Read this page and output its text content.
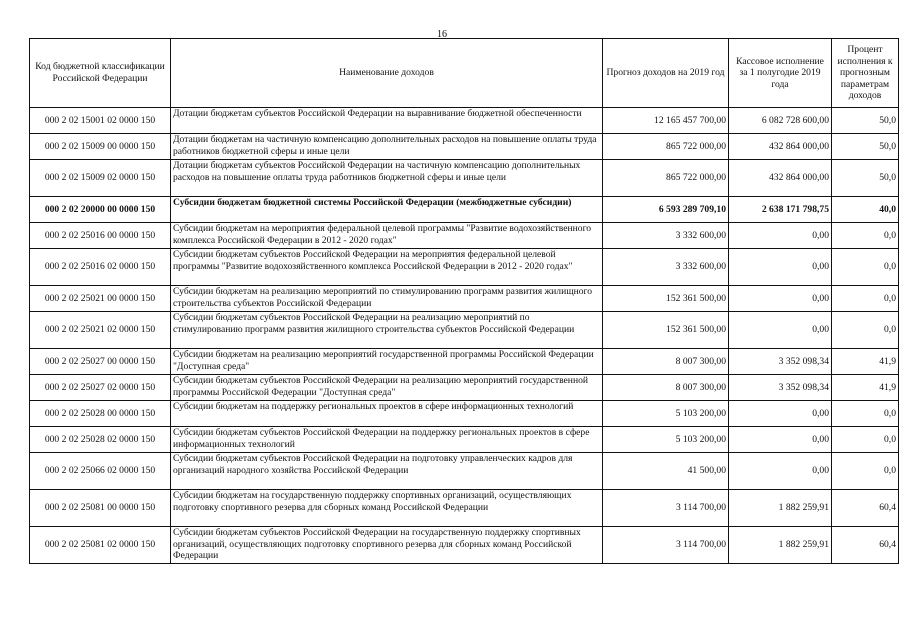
16
Код бюджетной классификации Российской Федерации	Наименование доходов	Прогноз доходов на 2019 год	Кассовое исполнение за 1 полугодие 2019 года	Процент исполнения к прогнозным параметрам доходов
000 2 02 15001 02 0000 150	Дотации бюджетам субъектов Российской Федерации на выравнивание бюджетной обеспеченности	12 165 457 700,00	6 082 728 600,00	50,0
000 2 02 15009 00 0000 150	Дотации бюджетам на частичную компенсацию дополнительных расходов на повышение оплаты труда работников бюджетной сферы и иные цели	865 722 000,00	432 864 000,00	50,0
000 2 02 15009 02 0000 150	Дотации бюджетам субъектов Российской Федерации на частичную компенсацию дополнительных расходов на повышение оплаты труда работников бюджетной сферы и иные цели	865 722 000,00	432 864 000,00	50,0
000 2 02 20000 00 0000 150	Субсидии бюджетам бюджетной системы Российской Федерации (межбюджетные субсидии)	6 593 289 709,10	2 638 171 798,75	40,0
000 2 02 25016 00 0000 150	Субсидии бюджетам на мероприятия федеральной целевой программы "Развитие водохозяйственного комплекса Российской Федерации в 2012 - 2020 годах"	3 332 600,00	0,00	0,0
000 2 02 25016 02 0000 150	Субсидии бюджетам субъектов Российской Федерации на мероприятия федеральной целевой программы "Развитие водохозяйственного комплекса Российской Федерации в 2012 - 2020 годах"	3 332 600,00	0,00	0,0
000 2 02 25021 00 0000 150	Субсидии бюджетам на реализацию мероприятий по стимулированию программ развития жилищного строительства субъектов Российской Федерации	152 361 500,00	0,00	0,0
000 2 02 25021 02 0000 150	Субсидии бюджетам субъектов Российской Федерации на реализацию мероприятий по стимулированию программ развития жилищного строительства субъектов Российской Федерации	152 361 500,00	0,00	0,0
000 2 02 25027 00 0000 150	Субсидии бюджетам на реализацию мероприятий государственной программы Российской Федерации "Доступная среда"	8 007 300,00	3 352 098,34	41,9
000 2 02 25027 02 0000 150	Субсидии бюджетам субъектов Российской Федерации на реализацию мероприятий государственной программы Российской Федерации "Доступная среда"	8 007 300,00	3 352 098,34	41,9
000 2 02 25028 00 0000 150	Субсидии бюджетам на поддержку региональных проектов в сфере информационных технологий	5 103 200,00	0,00	0,0
000 2 02 25028 02 0000 150	Субсидии бюджетам субъектов Российской Федерации на поддержку региональных проектов в сфере информационных технологий	5 103 200,00	0,00	0,0
000 2 02 25066 02 0000 150	Субсидии бюджетам субъектов Российской Федерации на подготовку управленческих кадров для организаций народного хозяйства Российской Федерации	41 500,00	0,00	0,0
000 2 02 25081 00 0000 150	Субсидии бюджетам на государственную поддержку спортивных организаций, осуществляющих подготовку спортивного резерва для сборных команд Российской Федерации	3 114 700,00	1 882 259,91	60,4
000 2 02 25081 02 0000 150	Субсидии бюджетам субъектов Российской Федерации на государственную поддержку спортивных организаций, осуществляющих подготовку спортивного резерва для сборных команд Российской Федерации	3 114 700,00	1 882 259,91	60,4
